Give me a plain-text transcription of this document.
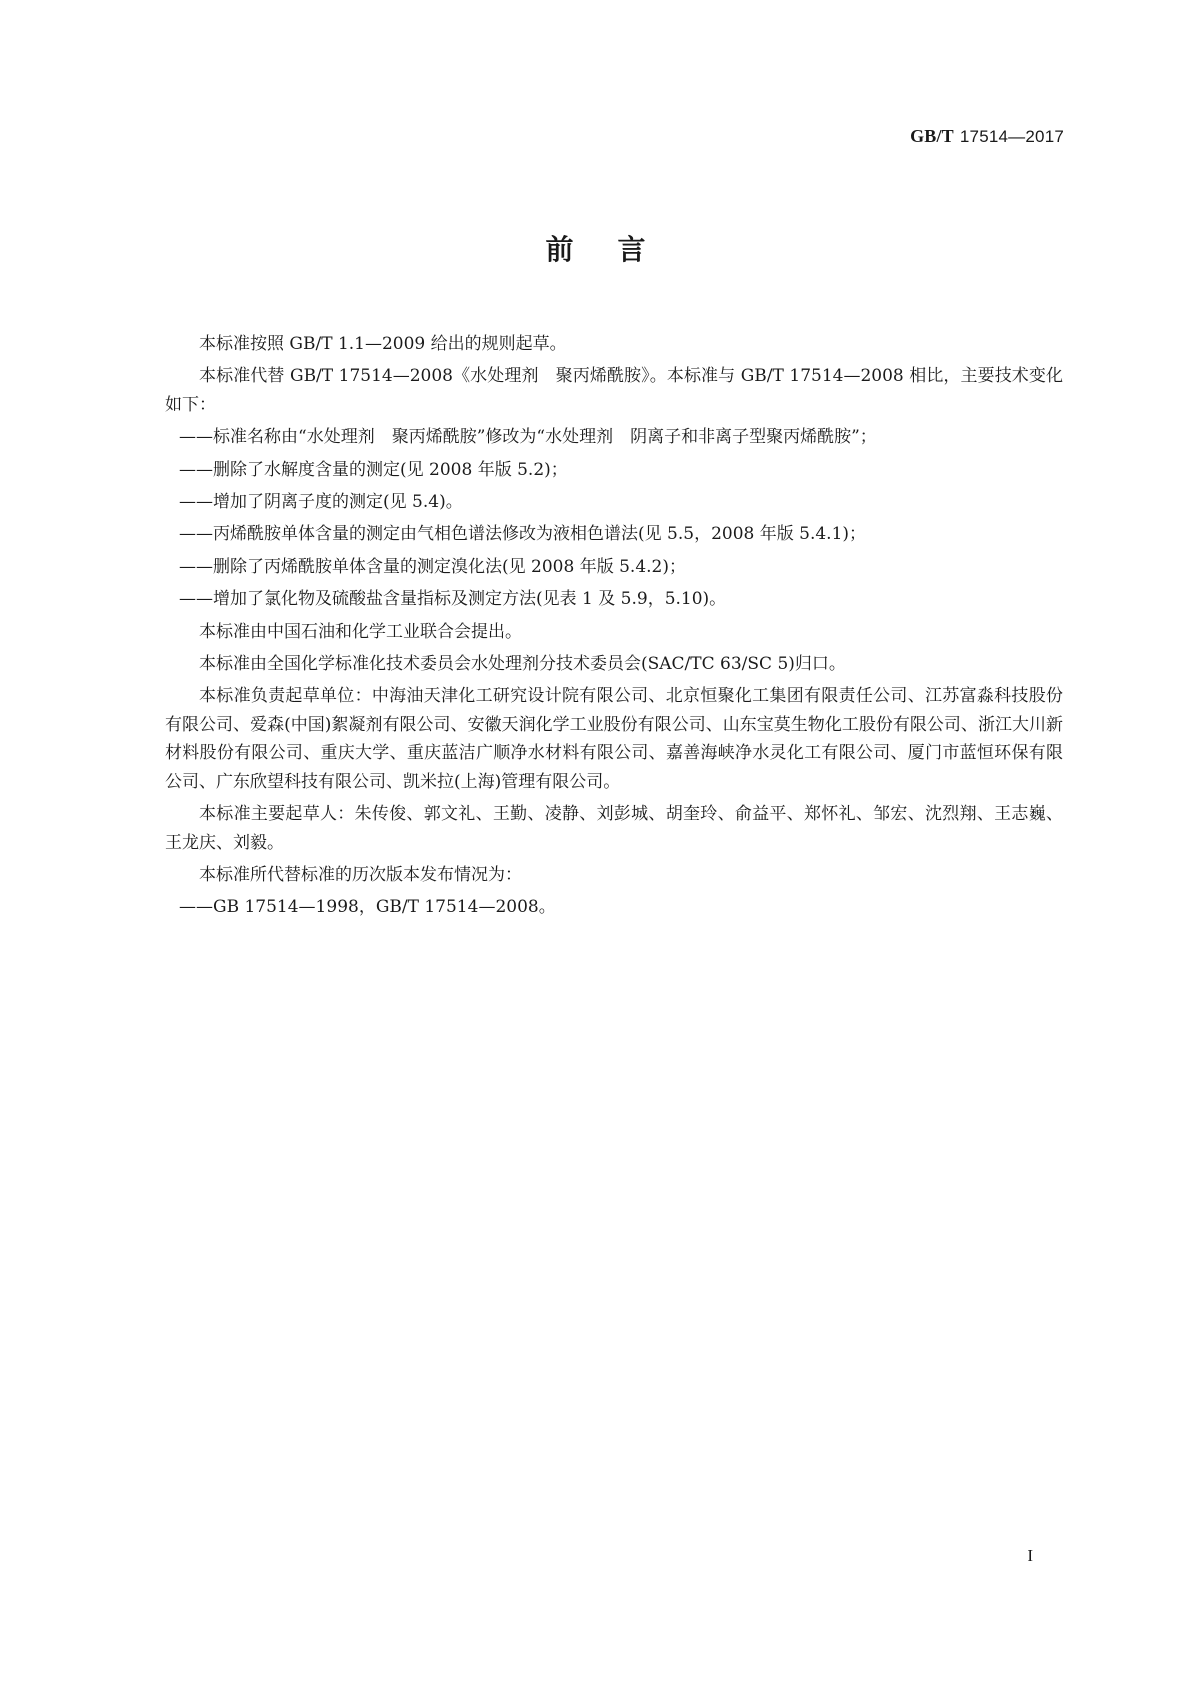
GB/T 17514—2017
前言

本标准按照 GB/T 1.1—2009 给出的规则起草。

本标准代替 GB/T 17514—2008《水处理剂　聚丙烯酰胺》。本标准与 GB/T 17514—2008 相比，主要技术变化如下：

——标准名称由“水处理剂　聚丙烯酰胺”修改为“水处理剂　阴离子和非离子型聚丙烯酰胺”；

——删除了水解度含量的测定(见 2008 年版 5.2)；

——增加了阴离子度的测定(见 5.4)。

——丙烯酰胺单体含量的测定由气相色谱法修改为液相色谱法(见 5.5，2008 年版 5.4.1)；

——删除了丙烯酰胺单体含量的测定溴化法(见 2008 年版 5.4.2)；

——增加了氯化物及硫酸盐含量指标及测定方法(见表 1 及 5.9，5.10)。

本标准由中国石油和化学工业联合会提出。

本标准由全国化学标准化技术委员会水处理剂分技术委员会(SAC/TC 63/SC 5)归口。

本标准负责起草单位：中海油天津化工研究设计院有限公司、北京恒聚化工集团有限责任公司、江苏富淼科技股份有限公司、爱森(中国)絮凝剂有限公司、安徽天润化学工业股份有限公司、山东宝莫生物化工股份有限公司、浙江大川新材料股份有限公司、重庆大学、重庆蓝洁广顺净水材料有限公司、嘉善海峡净水灵化工有限公司、厦门市蓝恒环保有限公司、广东欣望科技有限公司、凯米拉(上海)管理有限公司。

本标准主要起草人：朱传俊、郭文礼、王勤、凌静、刘彭城、胡奎玲、俞益平、郑怀礼、邹宏、沈烈翔、王志巍、王龙庆、刘毅。

本标准所代替标准的历次版本发布情况为：

——GB 17514—1998，GB/T 17514—2008。

I
